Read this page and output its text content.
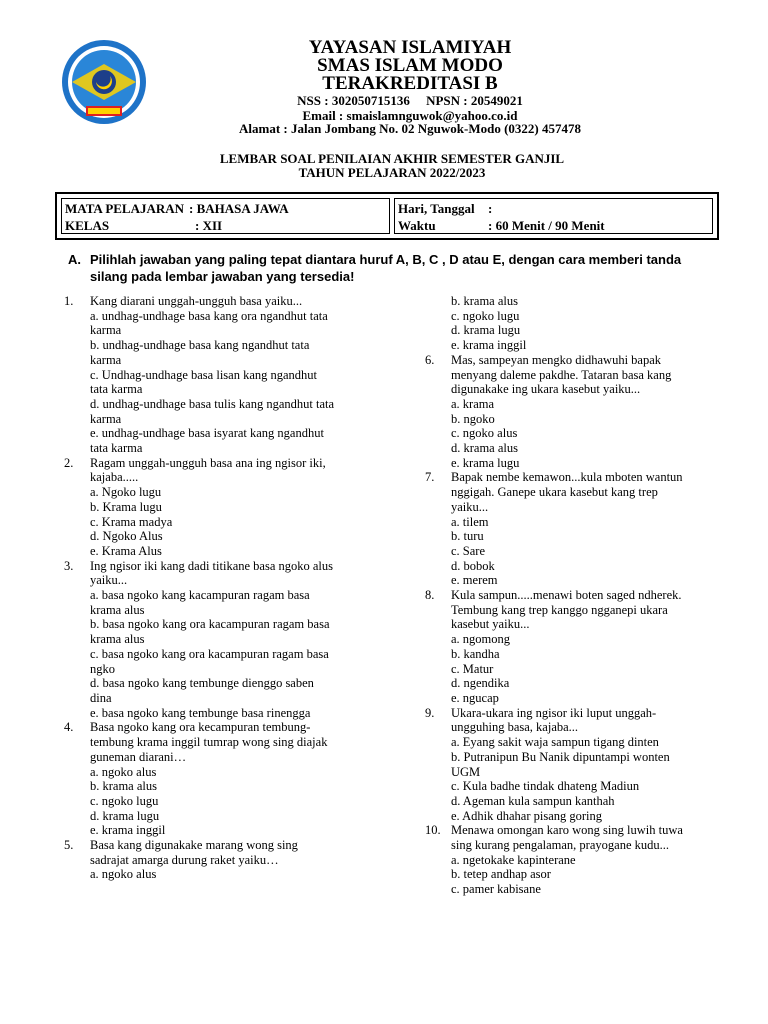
YAYASAN ISLAMIYAH
SMAS ISLAM MODO
TERAKREDITASI B
NSS : 302050715136     NPSN : 20549021
Email : smaislamnguwok@yahoo.co.id
Alamat : Jalan Jombang No. 02 Nguwok-Modo (0322) 457478
LEMBAR SOAL PENILAIAN AKHIR SEMESTER GANJIL
TAHUN PELAJARAN 2022/2023
MATA PELAJARAN : BAHASA JAWA
KELAS	: XII
Hari, Tanggal :
Waktu	: 60 Menit / 90 Menit
A. Pilihlah jawaban yang paling tepat diantara huruf A, B, C , D atau E, dengan cara memberi tanda
silang pada lembar jawaban yang tersedia!
1. Kang diarani unggah-ungguh basa yaiku...
a. undhag-undhage basa kang ora ngandhut tata
karma
b. undhag-undhage basa kang ngandhut tata
karma
c. Undhag-undhage basa lisan kang ngandhut
tata karma
d. undhag-undhage basa tulis kang ngandhut tata
karma
e. undhag-undhage basa isyarat kang ngandhut
tata karma
2. Ragam unggah-ungguh basa ana ing ngisor iki,
kajaba.....
a. Ngoko lugu
b. Krama lugu
c. Krama madya
d. Ngoko Alus
e. Krama Alus
3. Ing ngisor iki kang dadi titikane basa ngoko alus
yaiku...
a. basa ngoko kang kacampuran ragam basa
krama alus
b. basa ngoko kang ora kacampuran ragam basa
krama alus
c. basa ngoko kang ora kacampuran ragam basa
ngko
d. basa ngoko kang tembunge dienggo saben
dina
e. basa ngoko kang tembunge basa rinengga
4. Basa ngoko kang ora kecampuran tembung-
tembung krama inggil tumrap wong sing diajak
guneman diarani…
a. ngoko alus
b. krama alus
c. ngoko lugu
d. krama lugu
e. krama inggil
5. Basa kang digunakake marang wong sing
sadrajat amarga durung raket yaiku…
a. ngoko alus
b. krama alus
c. ngoko lugu
d. krama lugu
e. krama inggil
6. Mas, sampeyan mengko didhawuhi bapak
menyang daleme pakdhe. Tataran basa kang
digunakake ing ukara kasebut yaiku...
a. krama
b. ngoko
c. ngoko alus
d. krama alus
e. krama lugu
7. Bapak nembe kemawon...kula mboten wantun
nggigah. Ganepe ukara kasebut kang trep
yaiku...
a. tilem
b. turu
c. Sare
d. bobok
e. merem
8. Kula sampun.....menawi boten saged ndherek.
Tembung kang trep kanggo ngganepi ukara
kasebut yaiku...
a. ngomong
b. kandha
c. Matur
d. ngendika
e. ngucap
9. Ukara-ukara ing ngisor iki luput unggah-
ungguhing basa, kajaba...
a. Eyang sakit waja sampun tigang dinten
b. Putranipun Bu Nanik dipuntampi wonten
UGM
c. Kula badhe tindak dhateng Madiun
d. Ageman kula sampun kanthah
e. Adhik dhahar pisang goring
10. Menawa omongan karo wong sing luwih tuwa
sing kurang pengalaman, prayogane kudu...
a. ngetokake kapinterane
b. tetep andhap asor
c. pamer kabisane
